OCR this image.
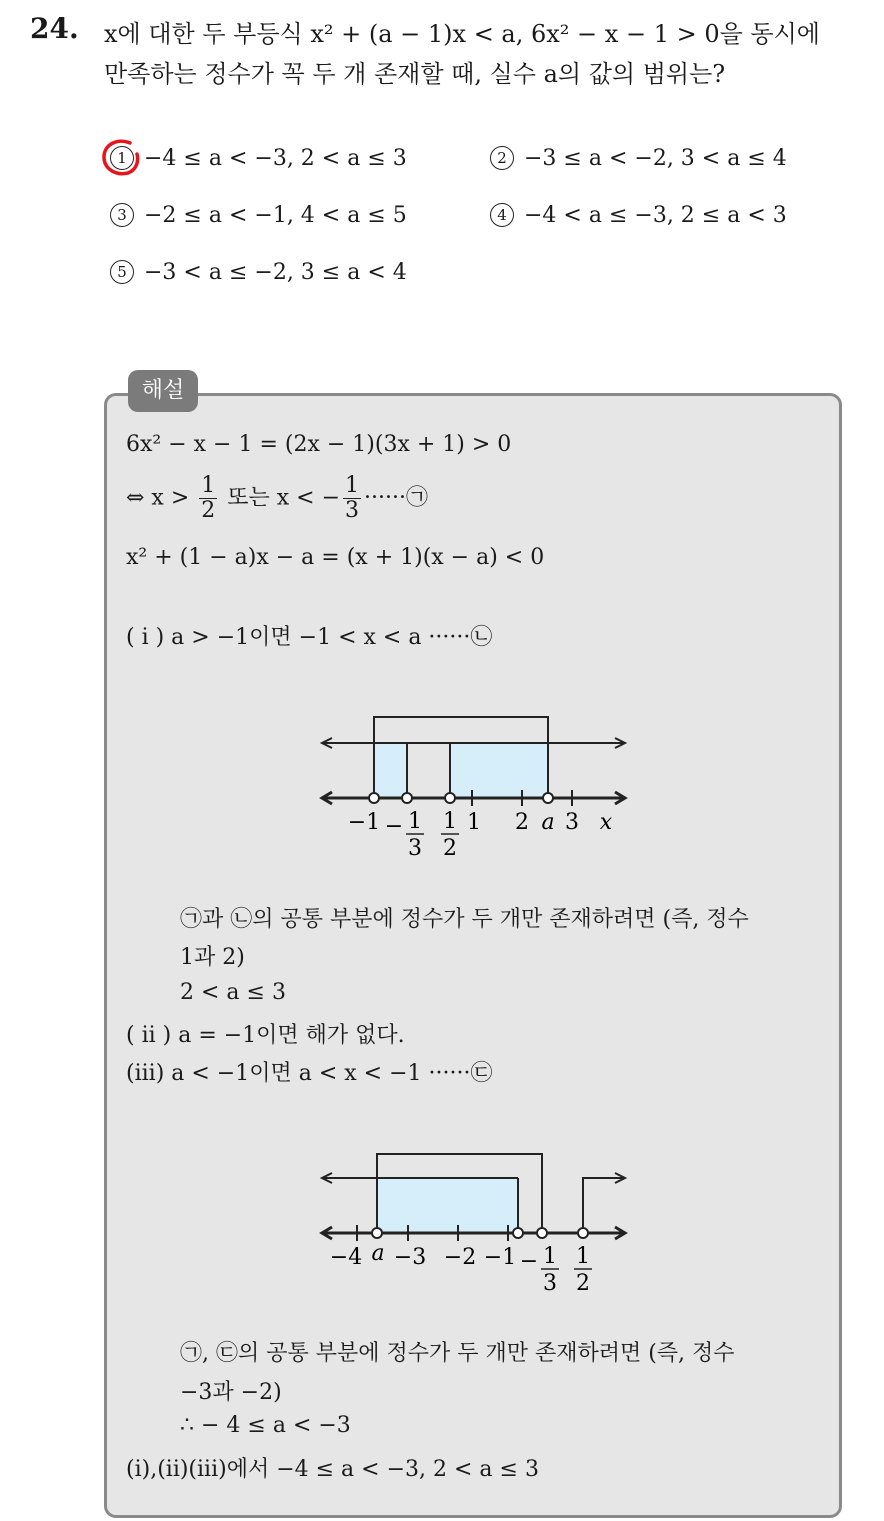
24. x에 대한 두 부등식 x² + (a − 1)x < a, 6x² − x − 1 > 0을 동시에
만족하는 정수가 꼭 두 개 존재할 때, 실수 a의 값의 범위는?
1 −4 ≤ a < −3, 2 < a ≤ 3	2 −3 ≤ a < −2, 3 < a ≤ 4
3 −2 ≤ a < −1, 4 < a ≤ 5	4 −4 < a ≤ −3, 2 ≤ a < 3
5 −3 < a ≤ −2, 3 ≤ a < 4
해설
6x² − x − 1 = (2x − 1)(3x + 1) > 0
⇔ $x > \frac{1}{2}$ 또는 x < − $\frac{1}{3}$ ······㉠
x² + (1 − a)x − a = (x + 1)(x − a) < 0
( i ) a > −1이면 −1 < x < a ······㉡
−1 − 1
3
1
2
1 2 a 3 x
㉠과 ㉡의 공통 부분에 정수가 두 개만 존재하려면 (즉, 정수
1과 2)
2 < a ≤ 3
( ii ) a = −1이면 해가 없다.
(iii) a < −1이면 a < x < −1 ······㉢
−4 a −3 −2 −1 − 1
3
1
2
㉠, ㉢의 공통 부분에 정수가 두 개만 존재하려면 (즉, 정수
−3과 −2)
∴ − 4 ≤ a < −3
(i),(ii)(iii)에서 −4 ≤ a < −3, 2 < a ≤ 3
